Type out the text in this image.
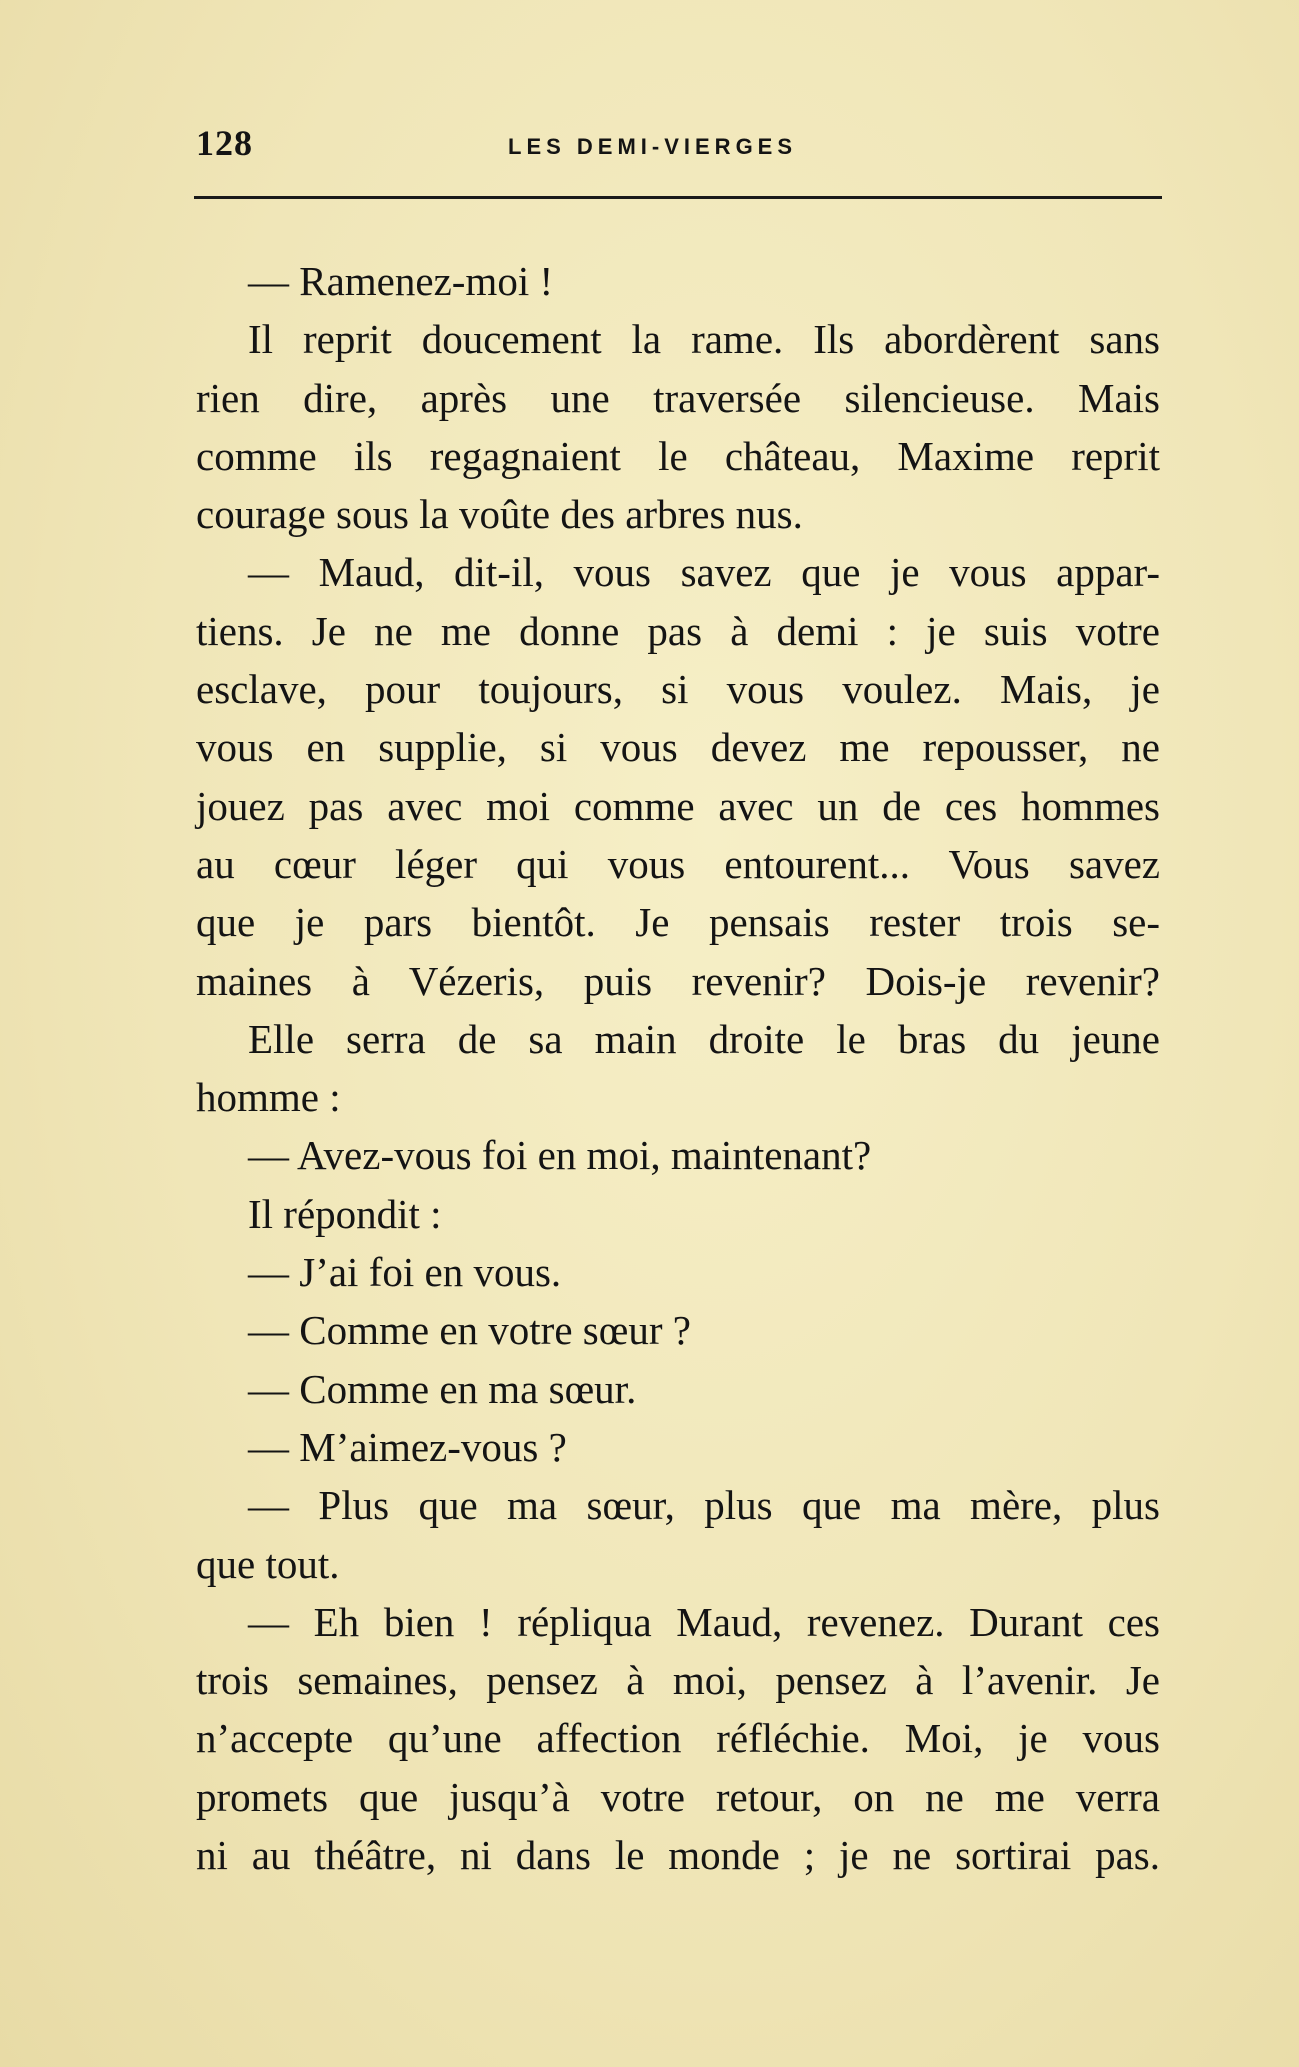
128	LES DEMI-VIERGES
— Ramenez-moi !
Il reprit doucement la rame. Ils abordèrent sans
rien dire, après une traversée silencieuse. Mais
comme ils regagnaient le château, Maxime reprit
courage sous la voûte des arbres nus.
— Maud, dit-il, vous savez que je vous appar-
tiens. Je ne me donne pas à demi : je suis votre
esclave, pour toujours, si vous voulez. Mais, je
vous en supplie, si vous devez me repousser, ne
jouez pas avec moi comme avec un de ces hommes
au cœur léger qui vous entourent... Vous savez
que je pars bientôt. Je pensais rester trois se-
maines à Vézeris, puis revenir? Dois-je revenir?
Elle serra de sa main droite le bras du jeune
homme :
— Avez-vous foi en moi, maintenant?
Il répondit :
— J’ai foi en vous.
— Comme en votre sœur ?
— Comme en ma sœur.
— M’aimez-vous ?
— Plus que ma sœur, plus que ma mère, plus
que tout.
— Eh bien ! répliqua Maud, revenez. Durant ces
trois semaines, pensez à moi, pensez à l’avenir. Je
n’accepte qu’une affection réfléchie. Moi, je vous
promets que jusqu’à votre retour, on ne me verra
ni au théâtre, ni dans le monde ; je ne sortirai pas.
